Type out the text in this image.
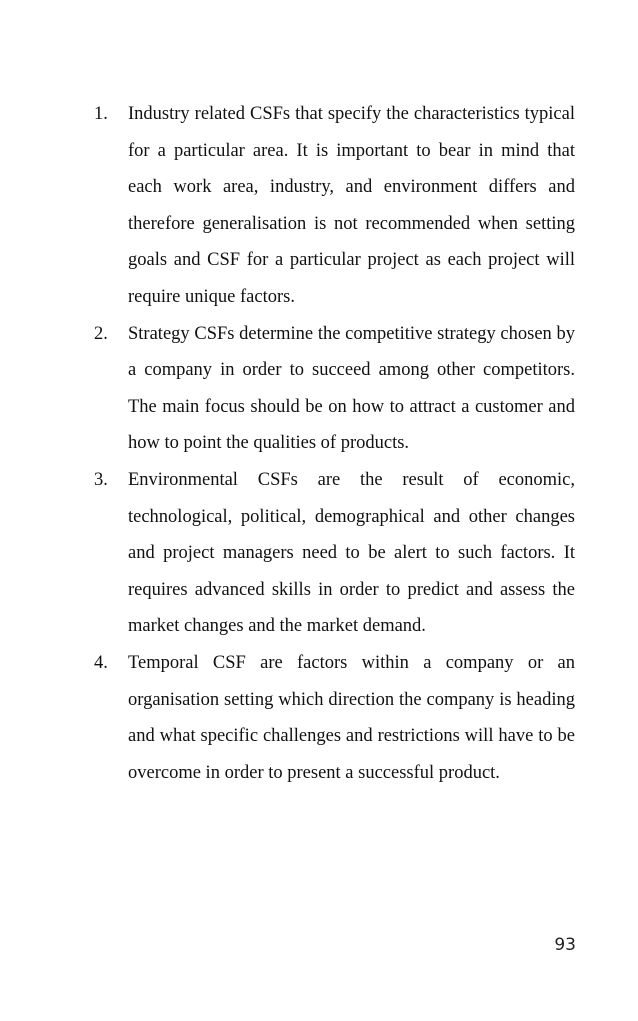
1.	Industry related CSFs that specify the characteristics typical for a particular area. It is important to bear in mind that each work area, industry, and environment differs and therefore generalisation is not recommended when setting goals and CSF for a particular project as each project will require unique factors.
2.	Strategy CSFs determine the competitive strategy chosen by a company in order to succeed among other competitors. The main focus should be on how to attract a customer and how to point the qualities of products.
3.	Environmental CSFs are the result of economic, technological, political, demographical and other changes and project managers need to be alert to such factors. It requires advanced skills in order to predict and assess the market changes and the market demand.
4.	Temporal CSF are factors within a company or an organisation setting which direction the company is heading and what specific challenges and restrictions will have to be overcome in order to present a successful product.
93
